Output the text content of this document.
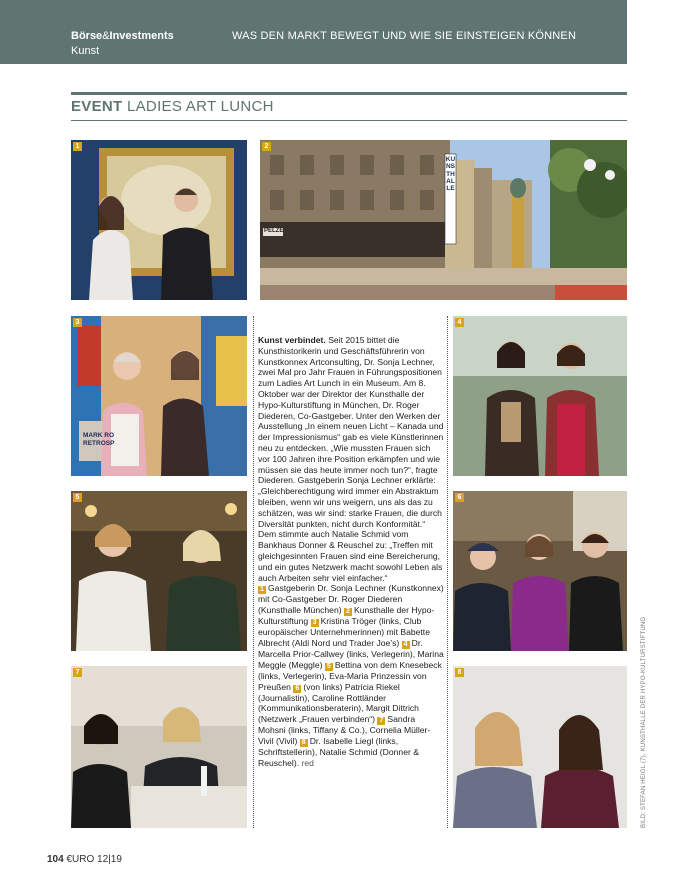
Börse&Investments
Kunst
WAS DEN MARKT BEWEGT UND WIE SIE EINSTEIGEN KÖNNEN
EVENT LADIES ART LUNCH
1
KUNSTHALLE
PELZE
2
MARK RO
RETROSP
3	4
5	6
7	8

Kunst verbindet. Seit 2015 bittet die Kunsthistorikerin und Geschäftsführerin von Kunstkonnex Artconsulting, Dr. Sonja Lechner, zwei Mal pro Jahr Frauen in Führungspositionen zum Ladies Art Lunch in ein Museum. Am 8. Oktober war der Direktor der Kunsthalle der Hypo-Kulturstiftung in München, Dr. Roger Diederen, Co-Gastgeber. Unter den Werken der Ausstellung „In einem neuen Licht – Kanada und der Impressionismus“ gab es viele Künstlerinnen neu zu entdecken. „Wie mussten Frauen sich vor 100 Jahren ihre Position erkämpfen und wie müssen sie das heute immer noch tun?“, fragte Diederen. Gastgeberin Sonja Lechner erklärte: „Gleichberechtigung wird immer ein Abstraktum bleiben, wenn wir uns weigern, uns als das zu schätzen, was wir sind: starke Frauen, die durch Diversität punkten, nicht durch Konformität.“ Dem stimmte auch Natalie Schmid vom Bankhaus Donner & Reuschel zu: „Treffen mit gleichgesinnten Frauen sind eine Bereicherung, und ein gutes Netzwerk macht sowohl Leben als auch Arbeiten sehr viel einfacher.“

1 Gastgeberin Dr. Sonja Lechner (Kunstkonnex) mit Co-Gastgeber Dr. Roger Diederen (Kunsthalle München) 2 Kunsthalle der Hypo-Kulturstiftung 3 Kristina Tröger (links, Club europäischer Unternehmerinnen) mit Babette Albrecht (Aldi Nord und Trader Joe’s) 4 Dr. Marcella Prior-Callwey (links, Verlegerin), Marina Meggle (Meggle) 5 Bettina von dem Knesebeck (links, Verlegerin), Eva-Maria Prinzessin von Preußen 6 (von links) Patricia Riekel (Journalistin), Caroline Rottländer (Kommunikationsberaterin), Margit Dittrich (Netzwerk „Frauen verbinden“) 7 Sandra Mohsni (links, Tiffany & Co.), Cornelia Müller-Vivil (Vivil) 8 Dr. Isabelle Liegl (links, Schriftstellerin), Natalie Schmid (Donner & Reuschel). red	BILD: STEFAN HEIGL (7), KUNSTHALLE DER HYPO-KULTURSTIFTUNG
104 €URO 12|19
